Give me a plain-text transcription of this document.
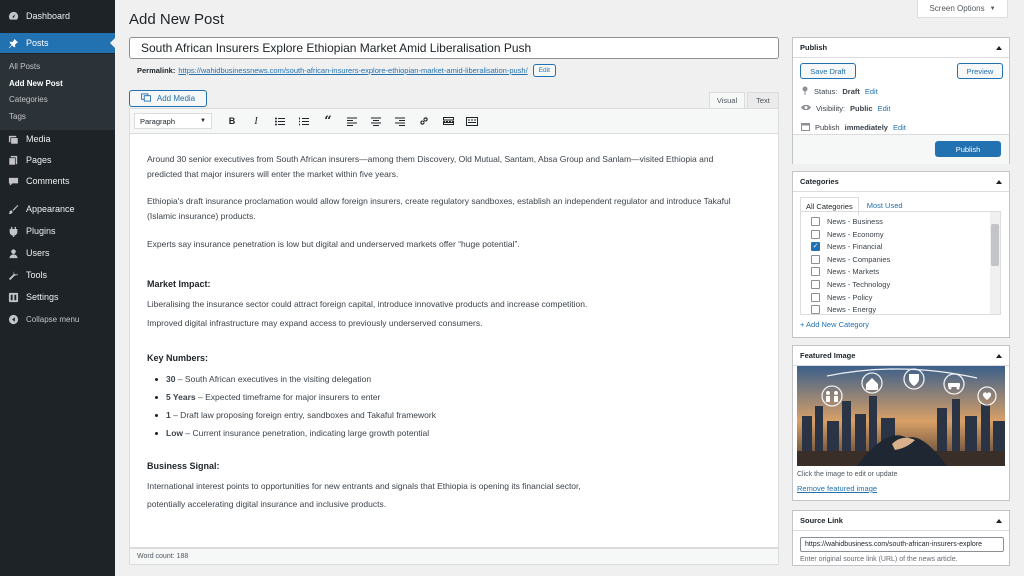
Dashboard
Posts
All Posts
Add New Post
Categories
Tags
Media
Pages
Comments
Appearance
Plugins
Users
Tools
Settings
Collapse menu
Add New Post
Screen Options ▼
South African Insurers Explore Ethiopian Market Amid Liberalisation Push
Permalink: https://wahidbusinessnews.com/south-african-insurers-explore-ethiopian-market-amid-liberalisation-push/	Edit
Add Media	Visual	Text
Paragraph	▼	B	I	“

Around 30 senior executives from South African insurers—among them Discovery, Old Mutual, Santam, Absa Group and Sanlam—visited Ethiopia and predicted that major insurers will enter the market within five years.

Ethiopia's draft insurance proclamation would allow foreign insurers, create regulatory sandboxes, establish an independent regulator and introduce Takaful (Islamic insurance) products.

Experts say insurance penetration is low but digital and underserved markets offer “huge potential”.

Market Impact:

Liberalising the insurance sector could attract foreign capital, introduce innovative products and increase competition.

Improved digital infrastructure may expand access to previously underserved consumers.

Key Numbers:
30 – South African executives in the visiting delegation
5 Years – Expected timeframe for major insurers to enter
1 – Draft law proposing foreign entry, sandboxes and Takaful framework
Low – Current insurance penetration, indicating large growth potential
Business Signal:

International interest points to opportunities for new entrants and signals that Ethiopia is opening its financial sector,

potentially accelerating digital insurance and inclusive products.

Word count: 188
Publish
Save Draft	Preview
Status: Draft Edit
Visibility: Public Edit
Publish immediately Edit
Publish
Categories
All Categories	Most Used
News - Business
News - Economy
✓ News - Financial
News - Companies
News - Markets
News - Technology
News - Policy
News - Energy
+ Add New Category
Featured Image
Click the image to edit or update
Remove featured image
Source Link
https://wahidbusiness.com/south-african-insurers-explore
Enter original source link (URL) of the news article.
